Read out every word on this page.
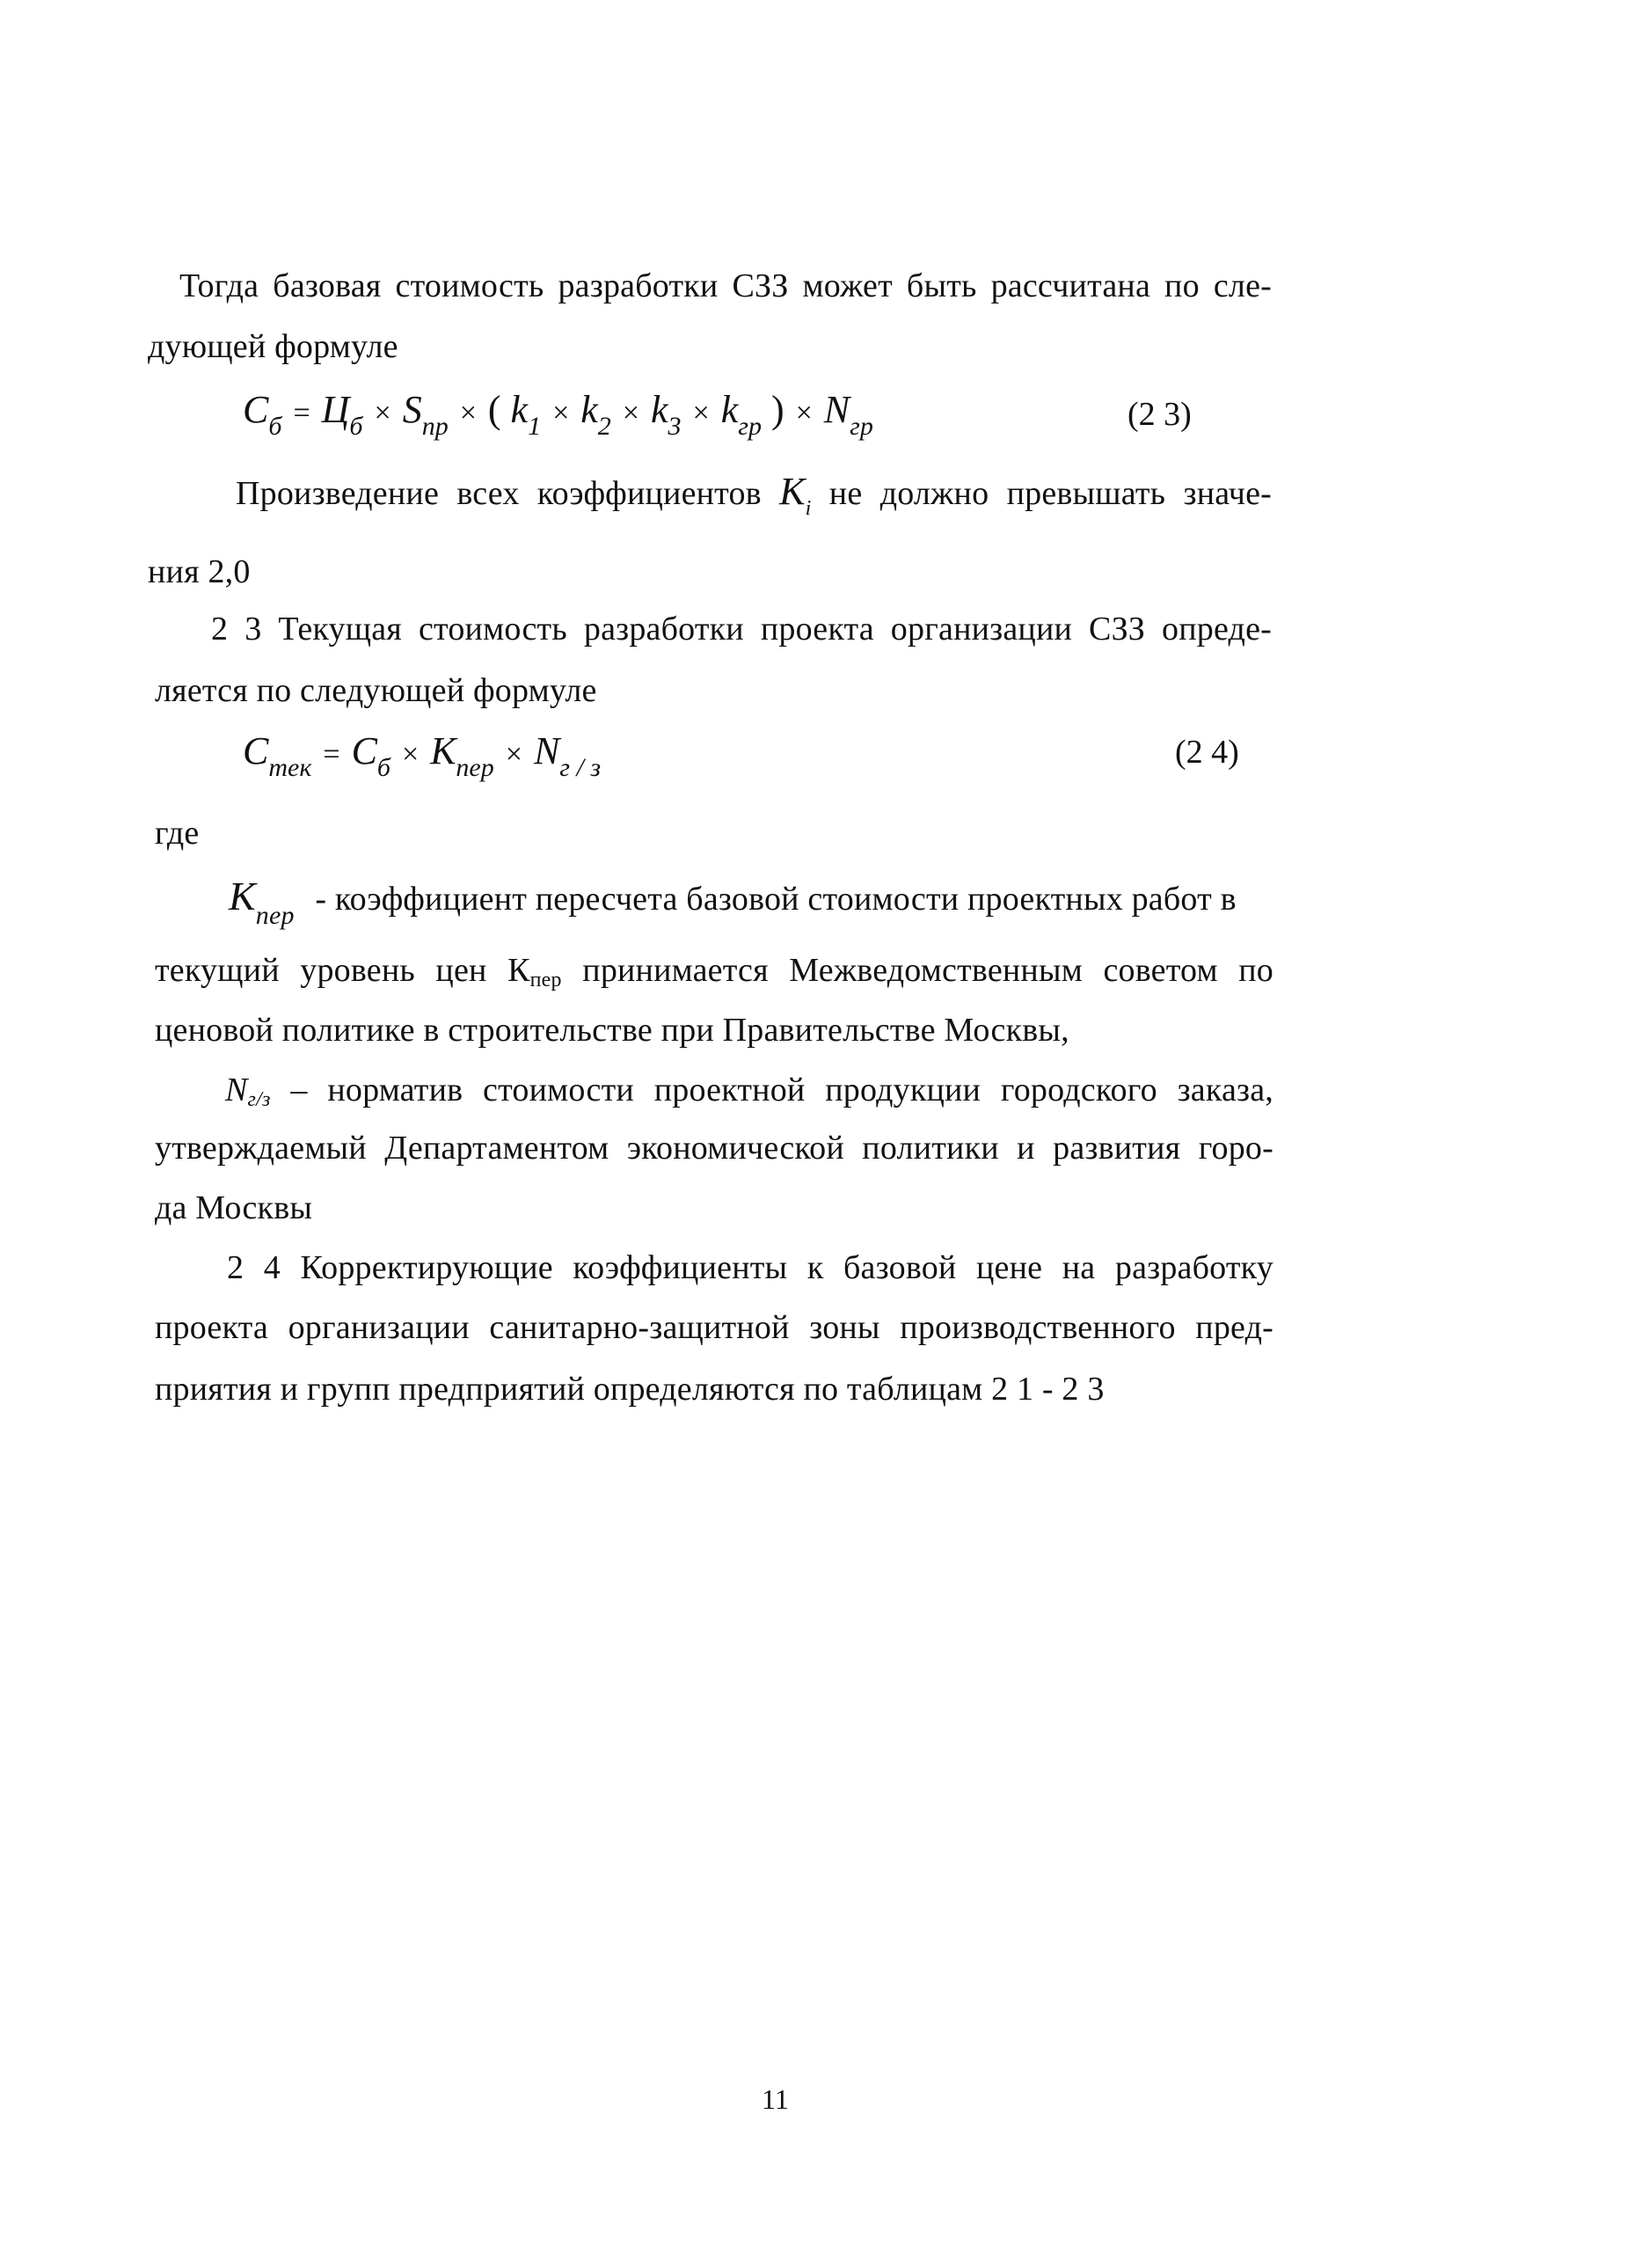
Тогда базовая стоимость разработки СЗЗ может быть рассчитана по сле-
дующей формуле
$С_б = Ц_б \times S_{пр}$ × ( $k_1 \times k_2 \times k_3 \times k_{гр}$ ) × $N_{гр}$	(2 3)
Произведение всех коэффициентов $К_i$ не должно превышать значе-
ния 2,0
2 3 Текущая стоимость разработки проекта организации СЗЗ опреде-
ляется по следующей формуле
$С_{тек} = С_б \times К_{пер} \times N_{г / з}$	(2 4)
где
$К_{пер}$ - коэффициент пересчета базовой стоимости проектных работ в
текущий уровень цен Кпер принимается Межведомственным советом по
ценовой политике в строительстве при Правительстве Москвы,
Nг/з – норматив стоимости проектной продукции городского заказа,
утверждаемый Департаментом экономической политики и развития горо-
да Москвы
2 4 Корректирующие коэффициенты к базовой цене на разработку
проекта организации санитарно-защитной зоны производственного пред-
приятия и групп предприятий определяются по таблицам 2 1 - 2 3
11
